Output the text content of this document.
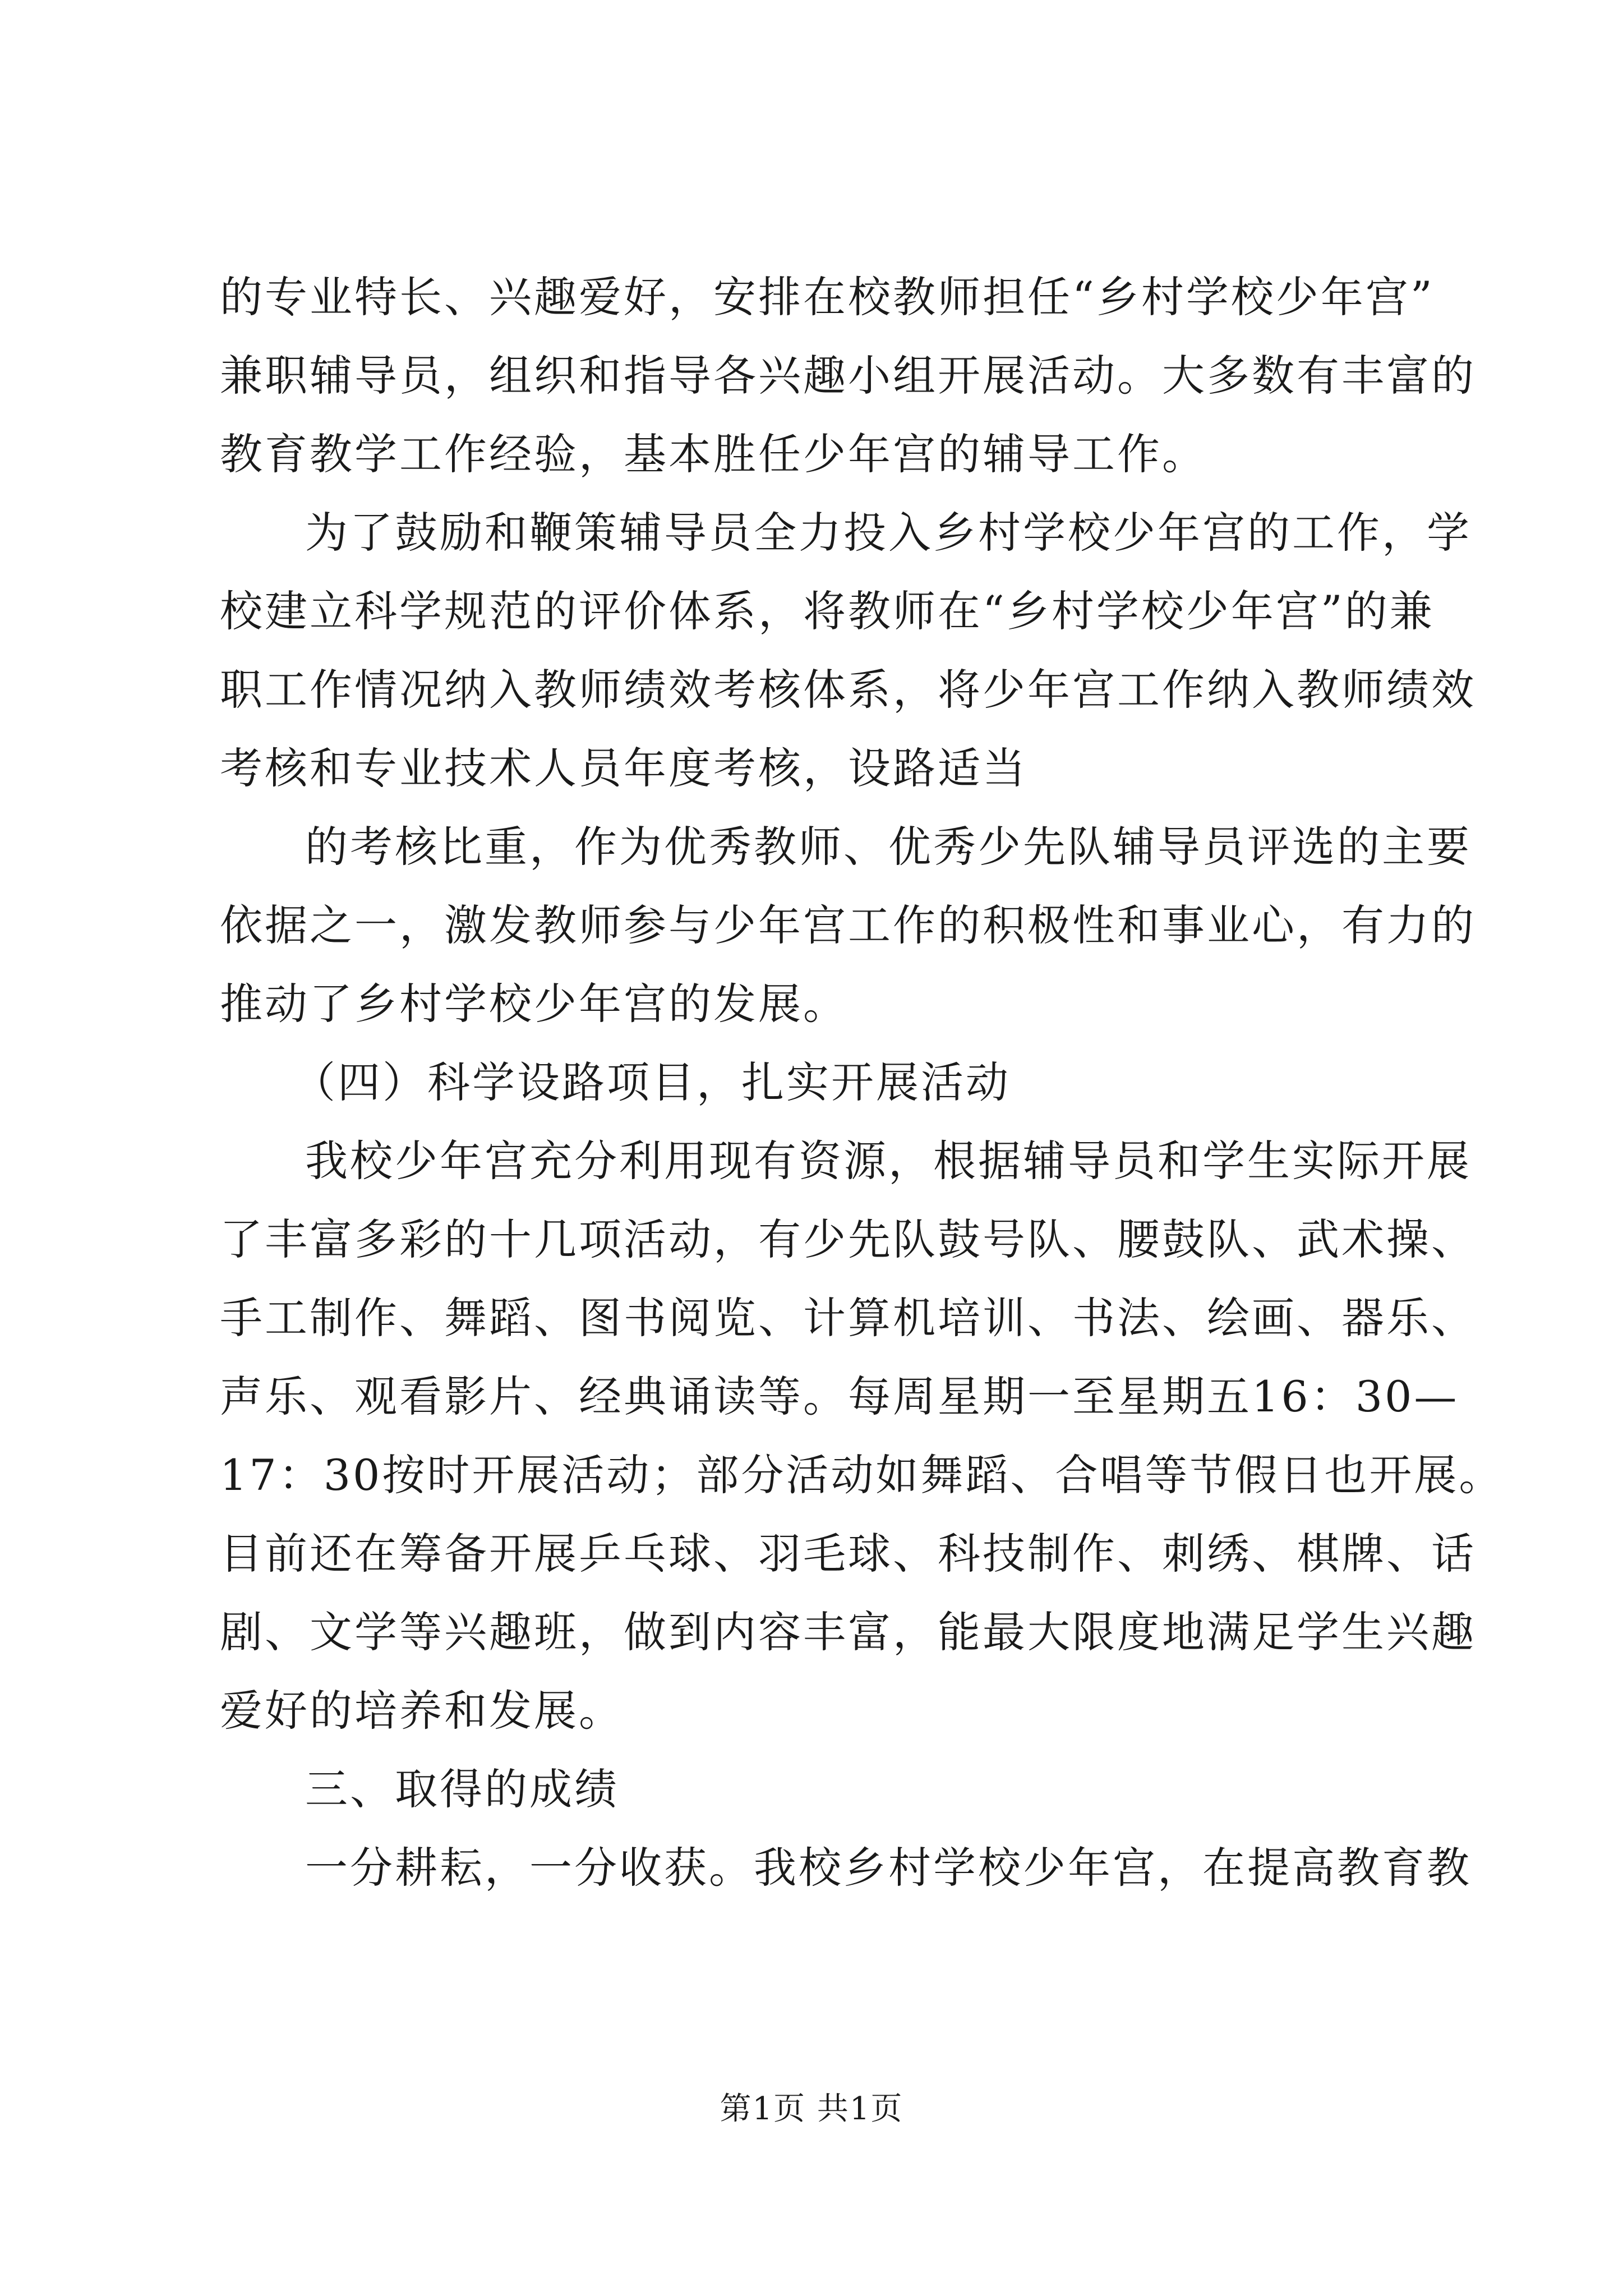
的专业特长、兴趣爱好，安排在校教师担任“乡村学校少年宫”
兼职辅导员，组织和指导各兴趣小组开展活动。大多数有丰富的
教育教学工作经验，基本胜任少年宫的辅导工作。
为了鼓励和鞭策辅导员全力投入乡村学校少年宫的工作，学
校建立科学规范的评价体系，将教师在“乡村学校少年宫”的兼
职工作情况纳入教师绩效考核体系，将少年宫工作纳入教师绩效
考核和专业技术人员年度考核，设路适当
的考核比重，作为优秀教师、优秀少先队辅导员评选的主要
依据之一，激发教师参与少年宫工作的积极性和事业心，有力的
推动了乡村学校少年宫的发展。
（四）科学设路项目，扎实开展活动
我校少年宫充分利用现有资源，根据辅导员和学生实际开展
了丰富多彩的十几项活动，有少先队鼓号队、腰鼓队、武术操、
手工制作、舞蹈、图书阅览、计算机培训、书法、绘画、器乐、
声乐、观看影片、经典诵读等。每周星期一至星期五16：30—
17：30按时开展活动；部分活动如舞蹈、合唱等节假日也开展。
目前还在筹备开展乒乓球、羽毛球、科技制作、刺绣、棋牌、话
剧、文学等兴趣班，做到内容丰富，能最大限度地满足学生兴趣
爱好的培养和发展。
三、取得的成绩
一分耕耘，一分收获。我校乡村学校少年宫，在提高教育教
第1页 共1页
